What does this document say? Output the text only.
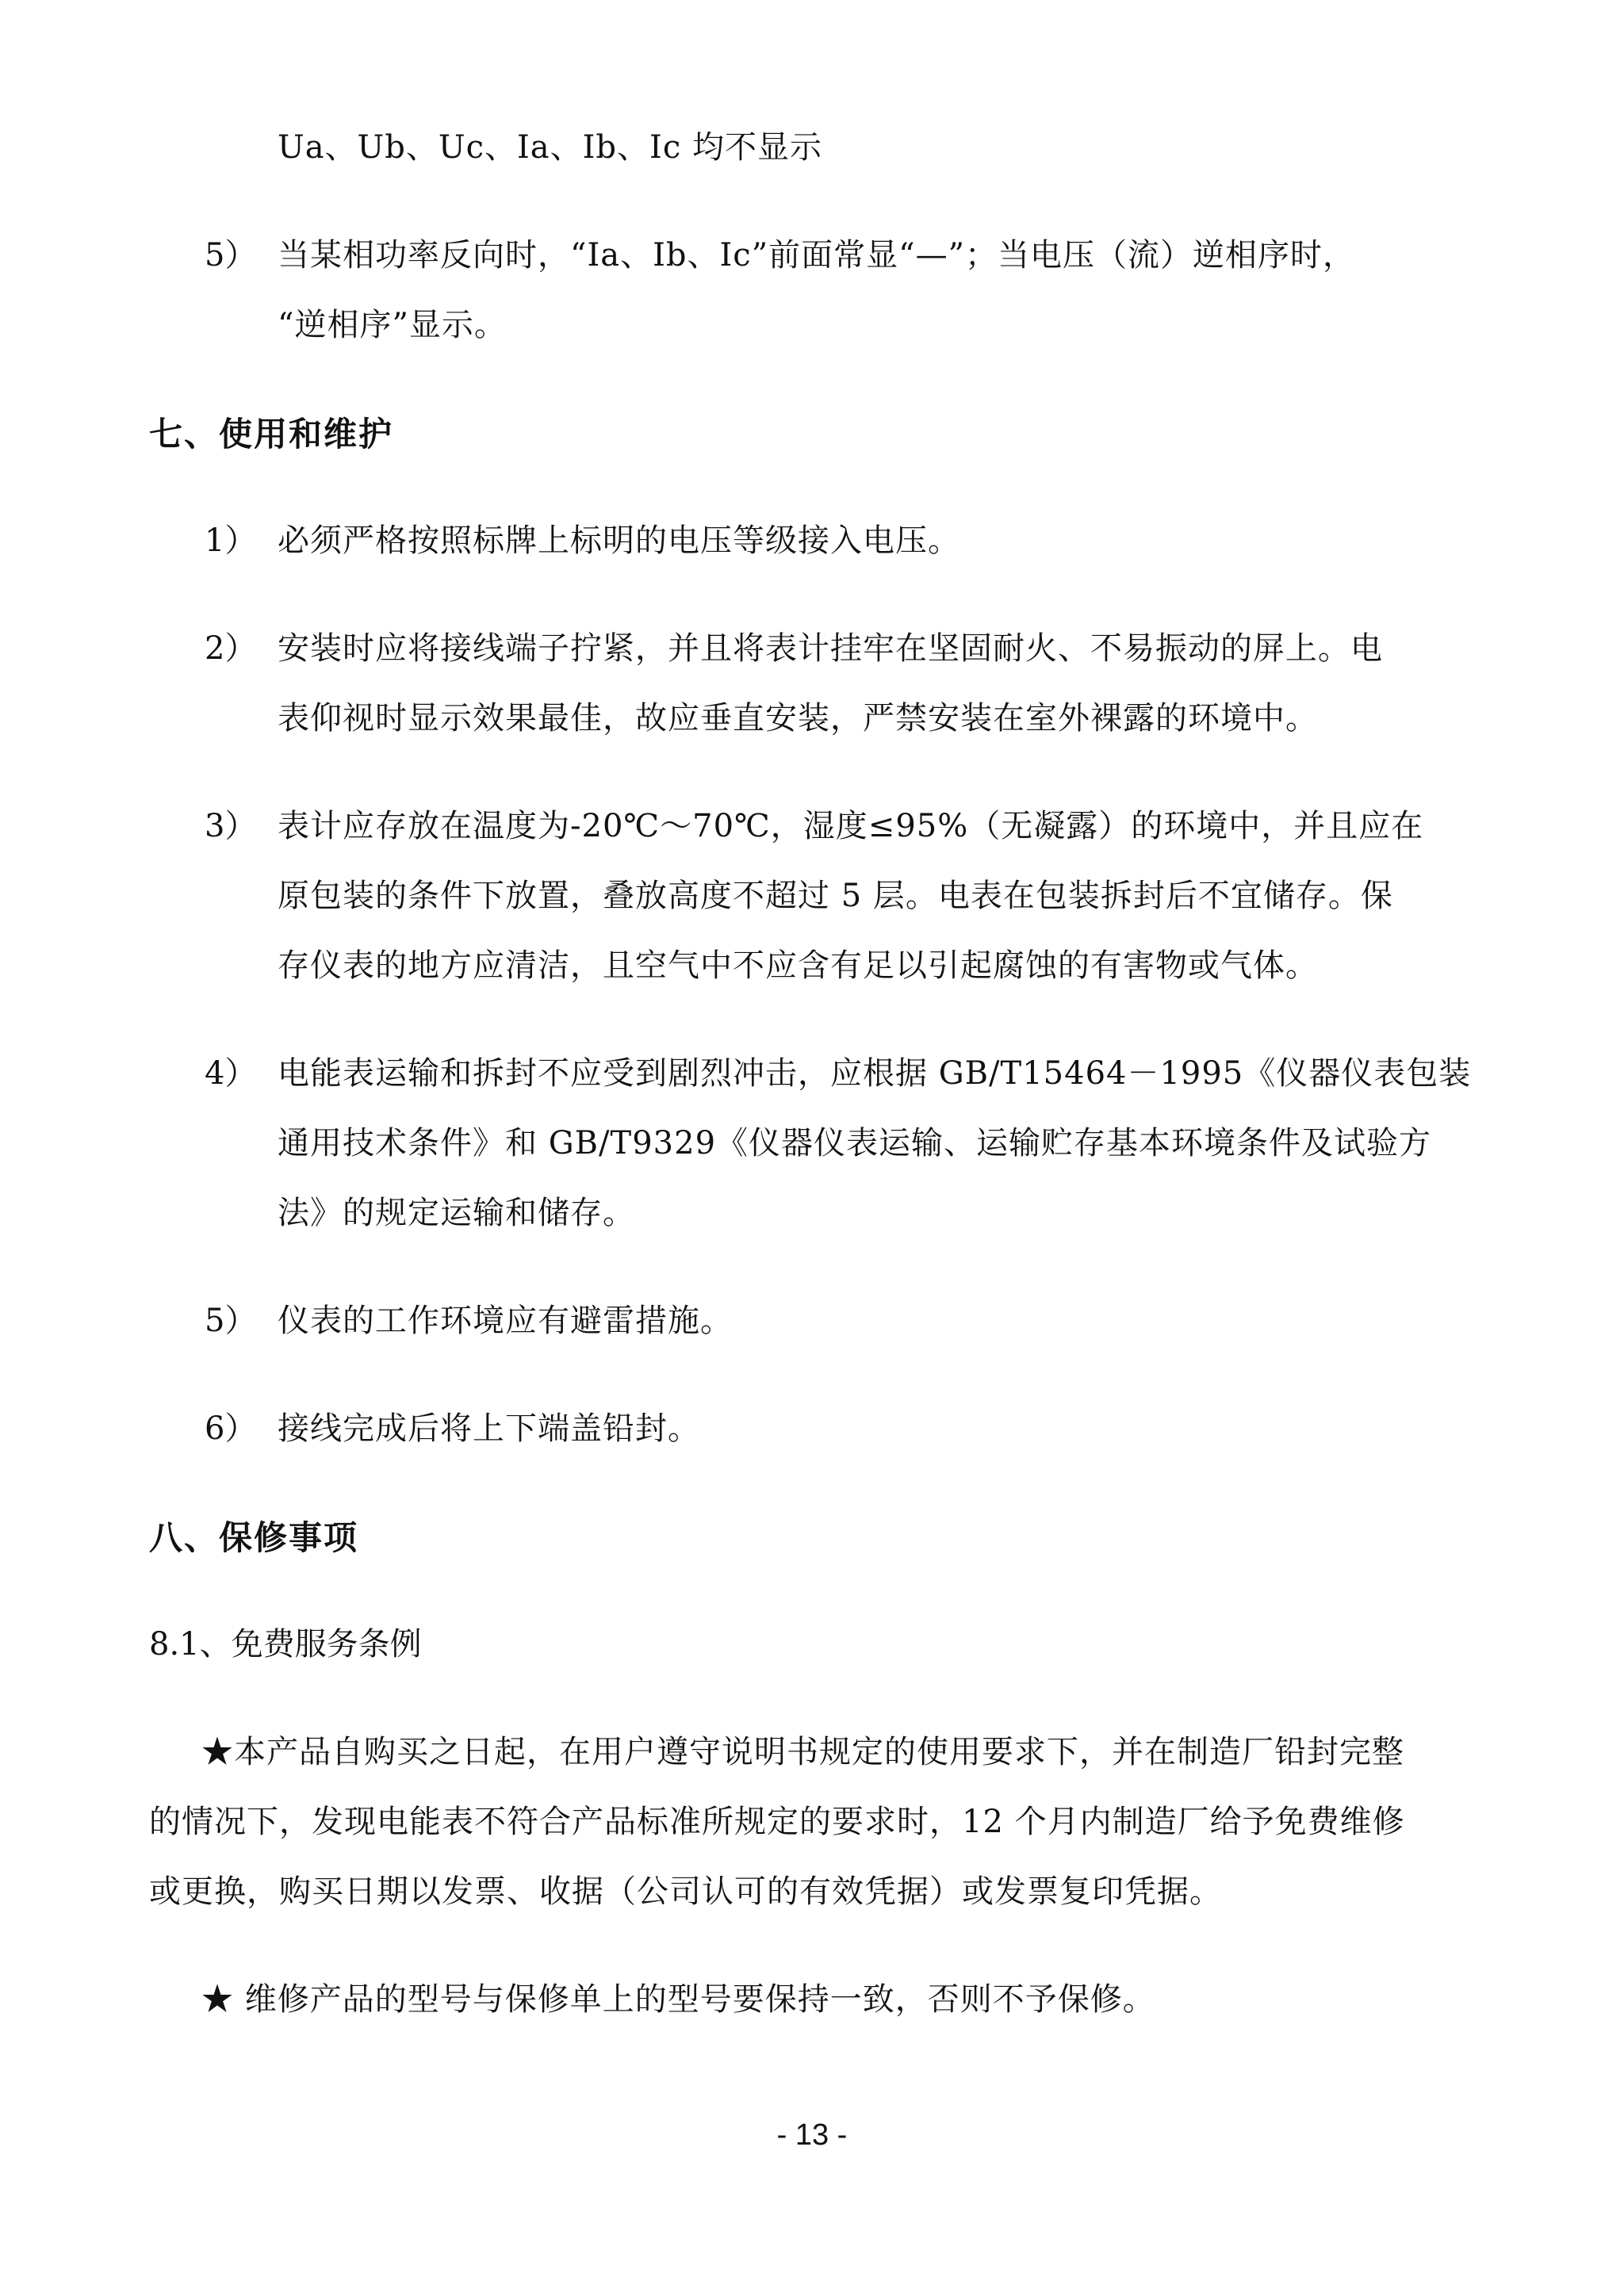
Ua、Ub、Uc、Ia、Ib、Ic 均不显示
5） 当某相功率反向时，“Ia、Ib、Ic”前面常显“—”；当电压（流）逆相序时，
“逆相序”显示。
七、使用和维护
1） 必须严格按照标牌上标明的电压等级接入电压。
2） 安装时应将接线端子拧紧，并且将表计挂牢在坚固耐火、不易振动的屏上。电
表仰视时显示效果最佳，故应垂直安装，严禁安装在室外裸露的环境中。
3） 表计应存放在温度为-20℃～70℃，湿度≤95%（无凝露）的环境中，并且应在
原包装的条件下放置，叠放高度不超过 5 层。电表在包装拆封后不宜储存。保
存仪表的地方应清洁，且空气中不应含有足以引起腐蚀的有害物或气体。
4） 电能表运输和拆封不应受到剧烈冲击，应根据 GB/T15464－1995《仪器仪表包装
通用技术条件》和 GB/T9329《仪器仪表运输、运输贮存基本环境条件及试验方
法》的规定运输和储存。
5） 仪表的工作环境应有避雷措施。
6） 接线完成后将上下端盖铅封。
八、保修事项
8.1、免费服务条例
★本产品自购买之日起，在用户遵守说明书规定的使用要求下，并在制造厂铅封完整
的情况下，发现电能表不符合产品标准所规定的要求时，12 个月内制造厂给予免费维修
或更换，购买日期以发票、收据（公司认可的有效凭据）或发票复印凭据。
★ 维修产品的型号与保修单上的型号要保持一致，否则不予保修。
- 13 -
